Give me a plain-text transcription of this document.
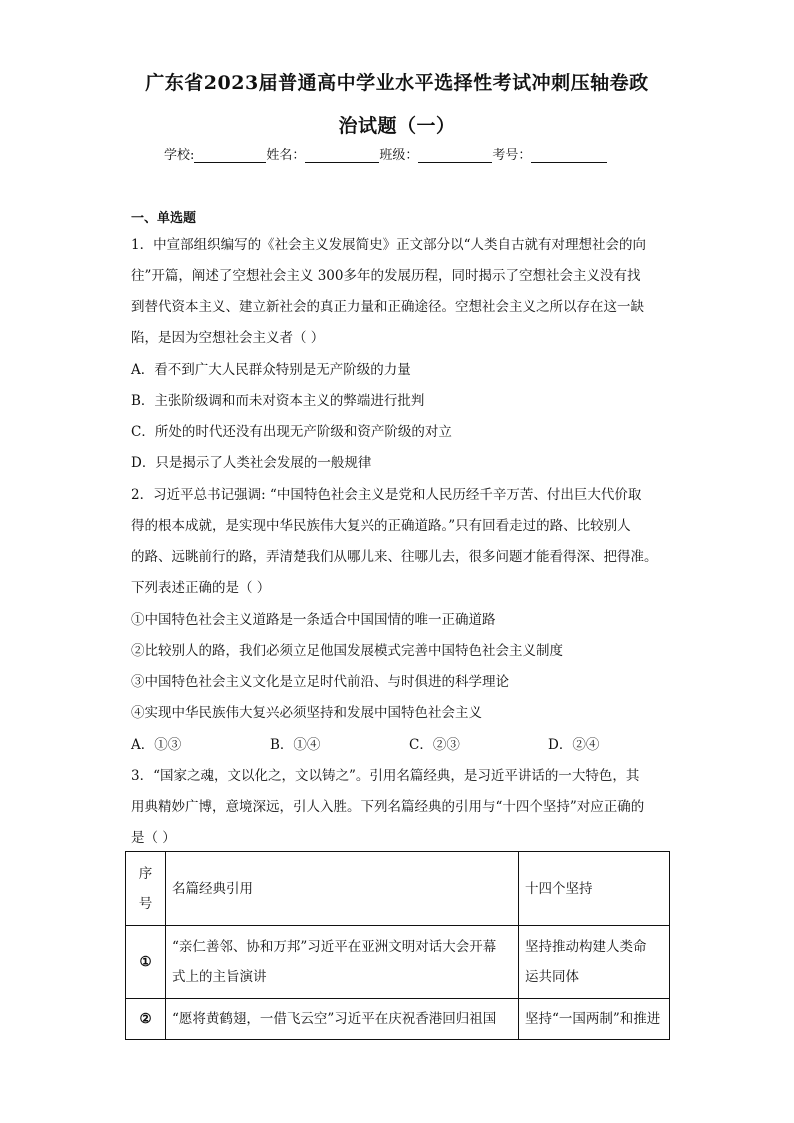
广东省2023届普通高中学业水平选择性考试冲刺压轴卷政
治试题（一）
学校:	姓名：	班级：	考号：
一、单选题
1．中宣部组织编写的《社会主义发展简史》正文部分以“人类自古就有对理想社会的向
往”开篇，阐述了空想社会主义 300多年的发展历程，同时揭示了空想社会主义没有找
到替代资本主义、建立新社会的真正力量和正确途径。空想社会主义之所以存在这一缺
陷，是因为空想社会主义者（ ）
A．看不到广大人民群众特别是无产阶级的力量
B．主张阶级调和而未对资本主义的弊端进行批判
C．所处的时代还没有出现无产阶级和资产阶级的对立
D．只是揭示了人类社会发展的一般规律
2．习近平总书记强调: “中国特色社会主义是党和人民历经千辛万苦、付出巨大代价取
得的根本成就，是实现中华民族伟大复兴的正确道路。”只有回看走过的路、比较别人
的路、远眺前行的路，弄清楚我们从哪儿来、往哪儿去，很多问题才能看得深、把得准。
下列表述正确的是（ ）
①中国特色社会主义道路是一条适合中国国情的唯一正确道路
②比较别人的路，我们必须立足他国发展模式完善中国特色社会主义制度
③中国特色社会主义文化是立足时代前沿、与时俱进的科学理论
④实现中华民族伟大复兴必须坚持和发展中国特色社会主义
A．①③	B．①④	C．②③	D．②④
3．“国家之魂，文以化之，文以铸之”。引用名篇经典，是习近平讲话的一大特色，其
用典精妙广博，意境深远，引人入胜。下列名篇经典的引用与“十四个坚持”对应正确的
是（ ）
序
号	名篇经典引用	十四个坚持
①	“亲仁善邻、协和万邦”习近平在亚洲文明对话大会开幕
式上的主旨演讲	坚持推动构建人类命
运共同体
②	“愿将黄鹤翅，一借飞云空”习近平在庆祝香港回归祖国	坚持“一国两制”和推进
